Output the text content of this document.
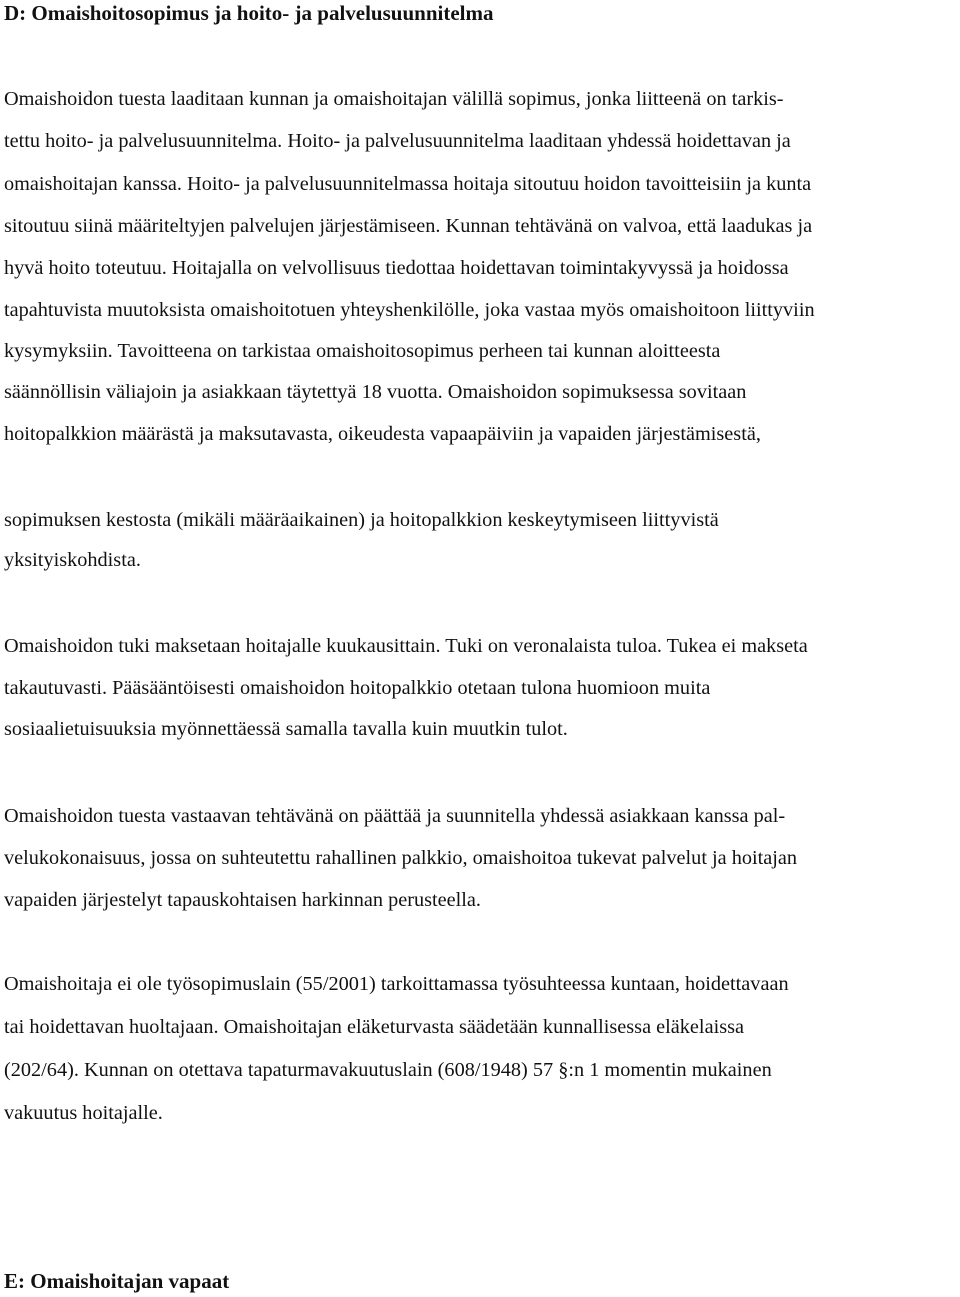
D: Omaishoitosopimus ja hoito- ja palvelusuunnitelma

Omaishoidon tuesta laaditaan kunnan ja omaishoitajan välillä sopimus, jonka liitteenä on tarkis-

tettu hoito- ja palvelusuunnitelma. Hoito- ja palvelusuunnitelma laaditaan yhdessä hoidettavan ja

omaishoitajan kanssa. Hoito- ja palvelusuunnitelmassa hoitaja sitoutuu hoidon tavoitteisiin ja kunta

sitoutuu siinä määriteltyjen palvelujen järjestämiseen. Kunnan tehtävänä on valvoa, että laadukas ja

hyvä hoito toteutuu. Hoitajalla on velvollisuus tiedottaa hoidettavan toimintakyvyssä ja hoidossa

tapahtuvista muutoksista omaishoitotuen yhteyshenkilölle, joka vastaa myös omaishoitoon liittyviin

kysymyksiin. Tavoitteena on tarkistaa omaishoitosopimus perheen tai kunnan aloitteesta

säännöllisin väliajoin ja asiakkaan täytettyä 18 vuotta. Omaishoidon sopimuksessa sovitaan

hoitopalkkion määrästä ja maksutavasta, oikeudesta vapaapäiviin ja vapaiden järjestämisestä,

sopimuksen kestosta (mikäli määräaikainen) ja hoitopalkkion keskeytymiseen liittyvistä

yksityiskohdista.

Omaishoidon tuki maksetaan hoitajalle kuukausittain. Tuki on veronalaista tuloa. Tukea ei makseta

takautuvasti. Pääsääntöisesti omaishoidon hoitopalkkio otetaan tulona huomioon muita

sosiaalietuisuuksia myönnettäessä samalla tavalla kuin muutkin tulot.

Omaishoidon tuesta vastaavan tehtävänä on päättää ja suunnitella yhdessä asiakkaan kanssa pal-

velukokonaisuus, jossa on suhteutettu rahallinen palkkio, omaishoitoa tukevat palvelut ja hoitajan

vapaiden järjestelyt tapauskohtaisen harkinnan perusteella.

Omaishoitaja ei ole työsopimuslain (55/2001) tarkoittamassa työsuhteessa kuntaan, hoidettavaan

tai hoidettavan huoltajaan. Omaishoitajan eläketurvasta säädetään kunnallisessa eläkelaissa

(202/64). Kunnan on otettava tapaturmavakuutuslain (608/1948) 57 §:n 1 momentin mukainen

vakuutus hoitajalle.

E: Omaishoitajan vapaat
